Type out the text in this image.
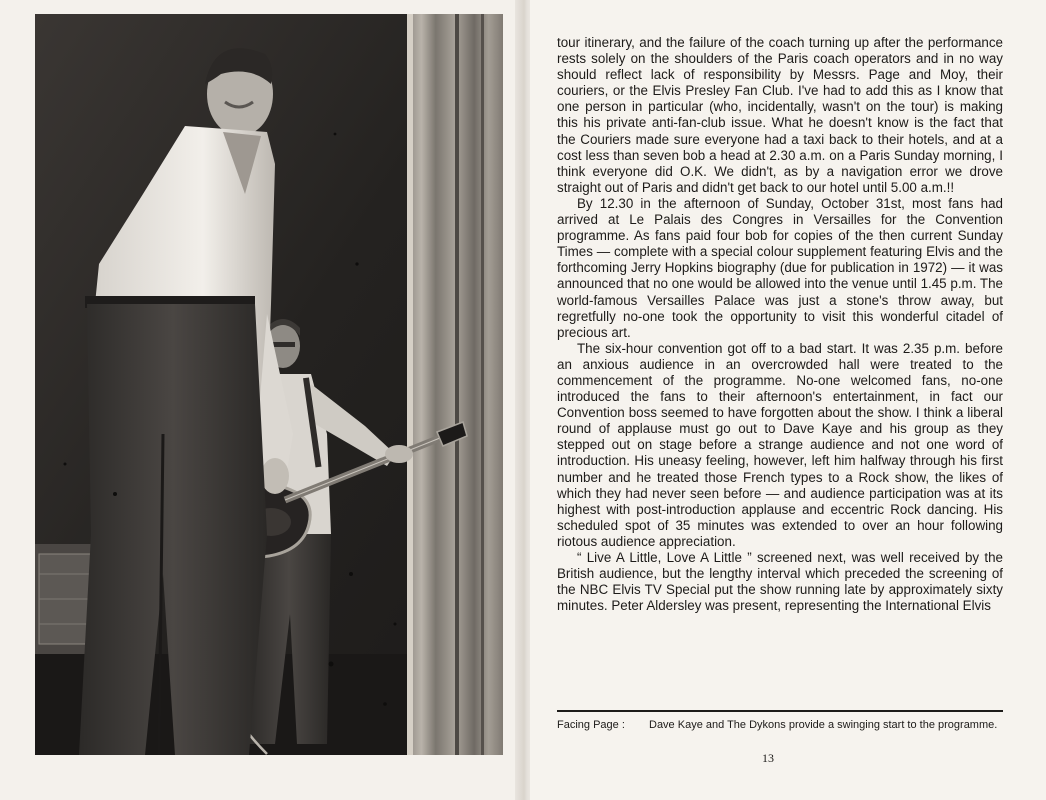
tour itinerary, and the failure of the coach turning up after the performance rests solely on the shoulders of the Paris coach operators and in no way should reflect lack of responsibility by Messrs. Page and Moy, their couriers, or the Elvis Presley Fan Club. I've had to add this as I know that one person in particular (who, incidentally, wasn't on the tour) is making this his private anti-fan-club issue. What he doesn't know is the fact that the Couriers made sure everyone had a taxi back to their hotels, and at a cost less than seven bob a head at 2.30 a.m. on a Paris Sunday morning, I think everyone did O.K. We didn't, as by a navigation error we drove straight out of Paris and didn't get back to our hotel until 5.00 a.m.!!

By 12.30 in the afternoon of Sunday, October 31st, most fans had arrived at Le Palais des Congres in Versailles for the Convention programme. As fans paid four bob for copies of the then current Sunday Times — complete with a special colour supplement featuring Elvis and the forthcoming Jerry Hopkins biography (due for publication in 1972) — it was announced that no one would be allowed into the venue until 1.45 p.m. The world-famous Versailles Palace was just a stone's throw away, but regretfully no-one took the opportunity to visit this wonderful citadel of precious art.

The six-hour convention got off to a bad start. It was 2.35 p.m. before an anxious audience in an overcrowded hall were treated to the commencement of the programme. No-one welcomed fans, no-one introduced the fans to their afternoon's entertainment, in fact our Convention boss seemed to have forgotten about the show. I think a liberal round of applause must go out to Dave Kaye and his group as they stepped out on stage before a strange audience and not one word of introduction. His uneasy feeling, however, left him halfway through his first number and he treated those French types to a Rock show, the likes of which they had never seen before — and audience participation was at its highest with post-introduction applause and eccentric Rock dancing. His scheduled spot of 35 minutes was extended to over an hour following riotous audience appreciation.

“ Live A Little, Love A Little ” screened next, was well received by the British audience, but the lengthy interval which preceded the screening of the NBC Elvis TV Special put the show running late by approximately sixty minutes. Peter Aldersley was present, representing the International Elvis

Facing Page : Dave Kaye and The Dykons provide a swinging start to the programme.
13
